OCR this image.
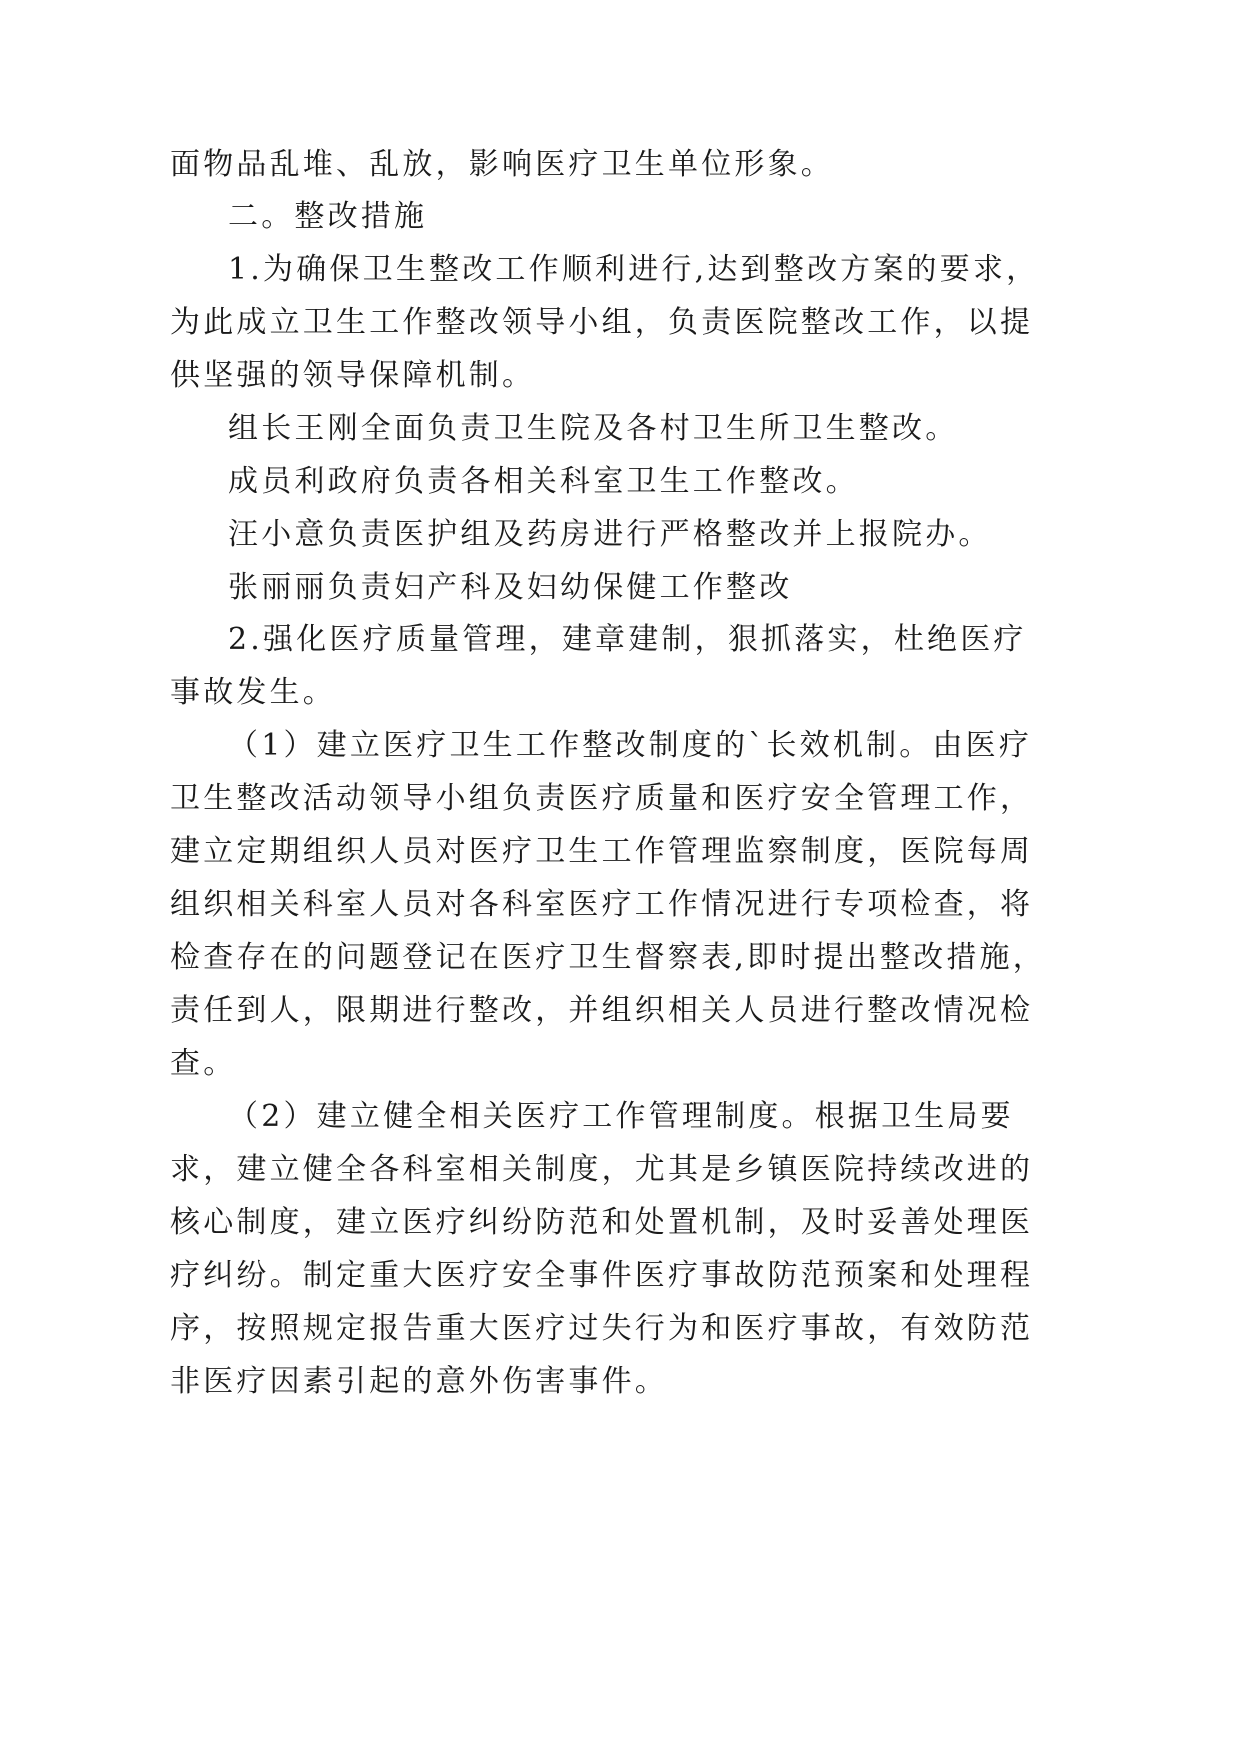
面物品乱堆、乱放，影响医疗卫生单位形象。
二。整改措施
1.为确保卫生整改工作顺利进行,达到整改方案的要求，
为此成立卫生工作整改领导小组，负责医院整改工作，以提
供坚强的领导保障机制。
组长王刚全面负责卫生院及各村卫生所卫生整改。
成员利政府负责各相关科室卫生工作整改。
汪小意负责医护组及药房进行严格整改并上报院办。
张丽丽负责妇产科及妇幼保健工作整改
2.强化医疗质量管理，建章建制，狠抓落实，杜绝医疗
事故发生。
（1）建立医疗卫生工作整改制度的`长效机制。由医疗
卫生整改活动领导小组负责医疗质量和医疗安全管理工作，
建立定期组织人员对医疗卫生工作管理监察制度，医院每周
组织相关科室人员对各科室医疗工作情况进行专项检查，将
检查存在的问题登记在医疗卫生督察表,即时提出整改措施，
责任到人，限期进行整改，并组织相关人员进行整改情况检
查。
（2）建立健全相关医疗工作管理制度。根据卫生局要
求，建立健全各科室相关制度，尤其是乡镇医院持续改进的
核心制度，建立医疗纠纷防范和处置机制，及时妥善处理医
疗纠纷。制定重大医疗安全事件医疗事故防范预案和处理程
序，按照规定报告重大医疗过失行为和医疗事故，有效防范
非医疗因素引起的意外伤害事件。
